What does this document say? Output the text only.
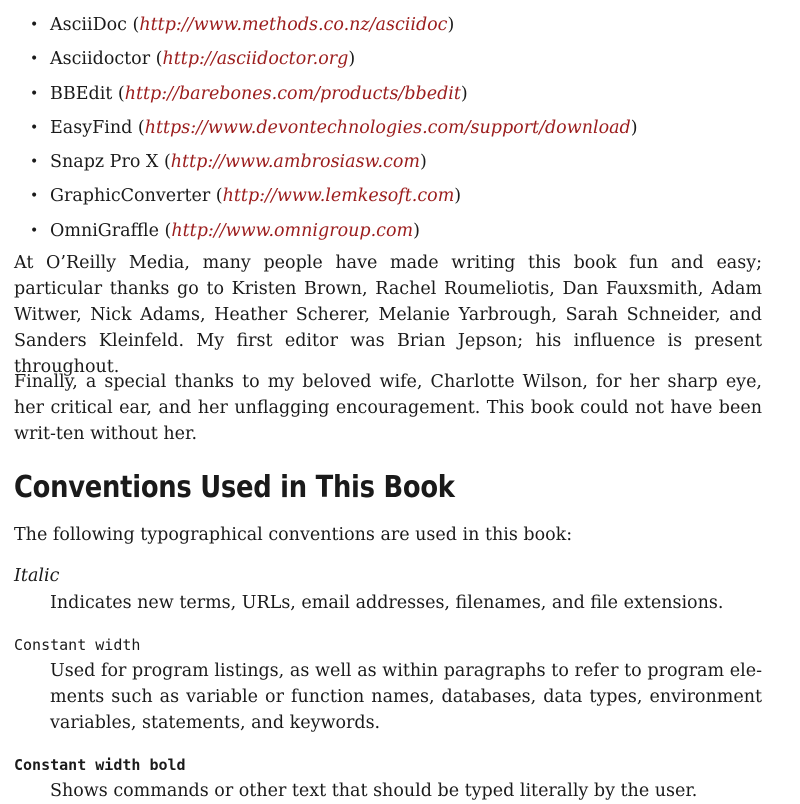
• AsciiDoc (http://www.methods.co.nz/asciidoc)
• Asciidoctor (http://asciidoctor.org)
• BBEdit (http://barebones.com/products/bbedit)
• EasyFind (https://www.devontechnologies.com/support/download)
• Snapz Pro X (http://www.ambrosiasw.com)
• GraphicConverter (http://www.lemkesoft.com)
• OmniGraffle (http://www.omnigroup.com)

At O’Reilly Media, many people have made writing this book fun and easy; particular thanks go to Kristen Brown, Rachel Roumeliotis, Dan Fauxsmith, Adam Witwer, Nick Adams, Heather Scherer, Melanie Yarbrough, Sarah Schneider, and Sanders Kleinfeld. My first editor was Brian Jepson; his influence is present throughout.

Finally, a special thanks to my beloved wife, Charlotte Wilson, for her sharp eye, her critical ear, and her unflagging encouragement. This book could not have been writ-ten without her.

Conventions Used in This Book

The following typographical conventions are used in this book:

Italic

Indicates new terms, URLs, email addresses, filenames, and file extensions.

Constant width

Used for program listings, as well as within paragraphs to refer to program ele-ments such as variable or function names, databases, data types, environment variables, statements, and keywords.

Constant width bold

Shows commands or other text that should be typed literally by the user.
